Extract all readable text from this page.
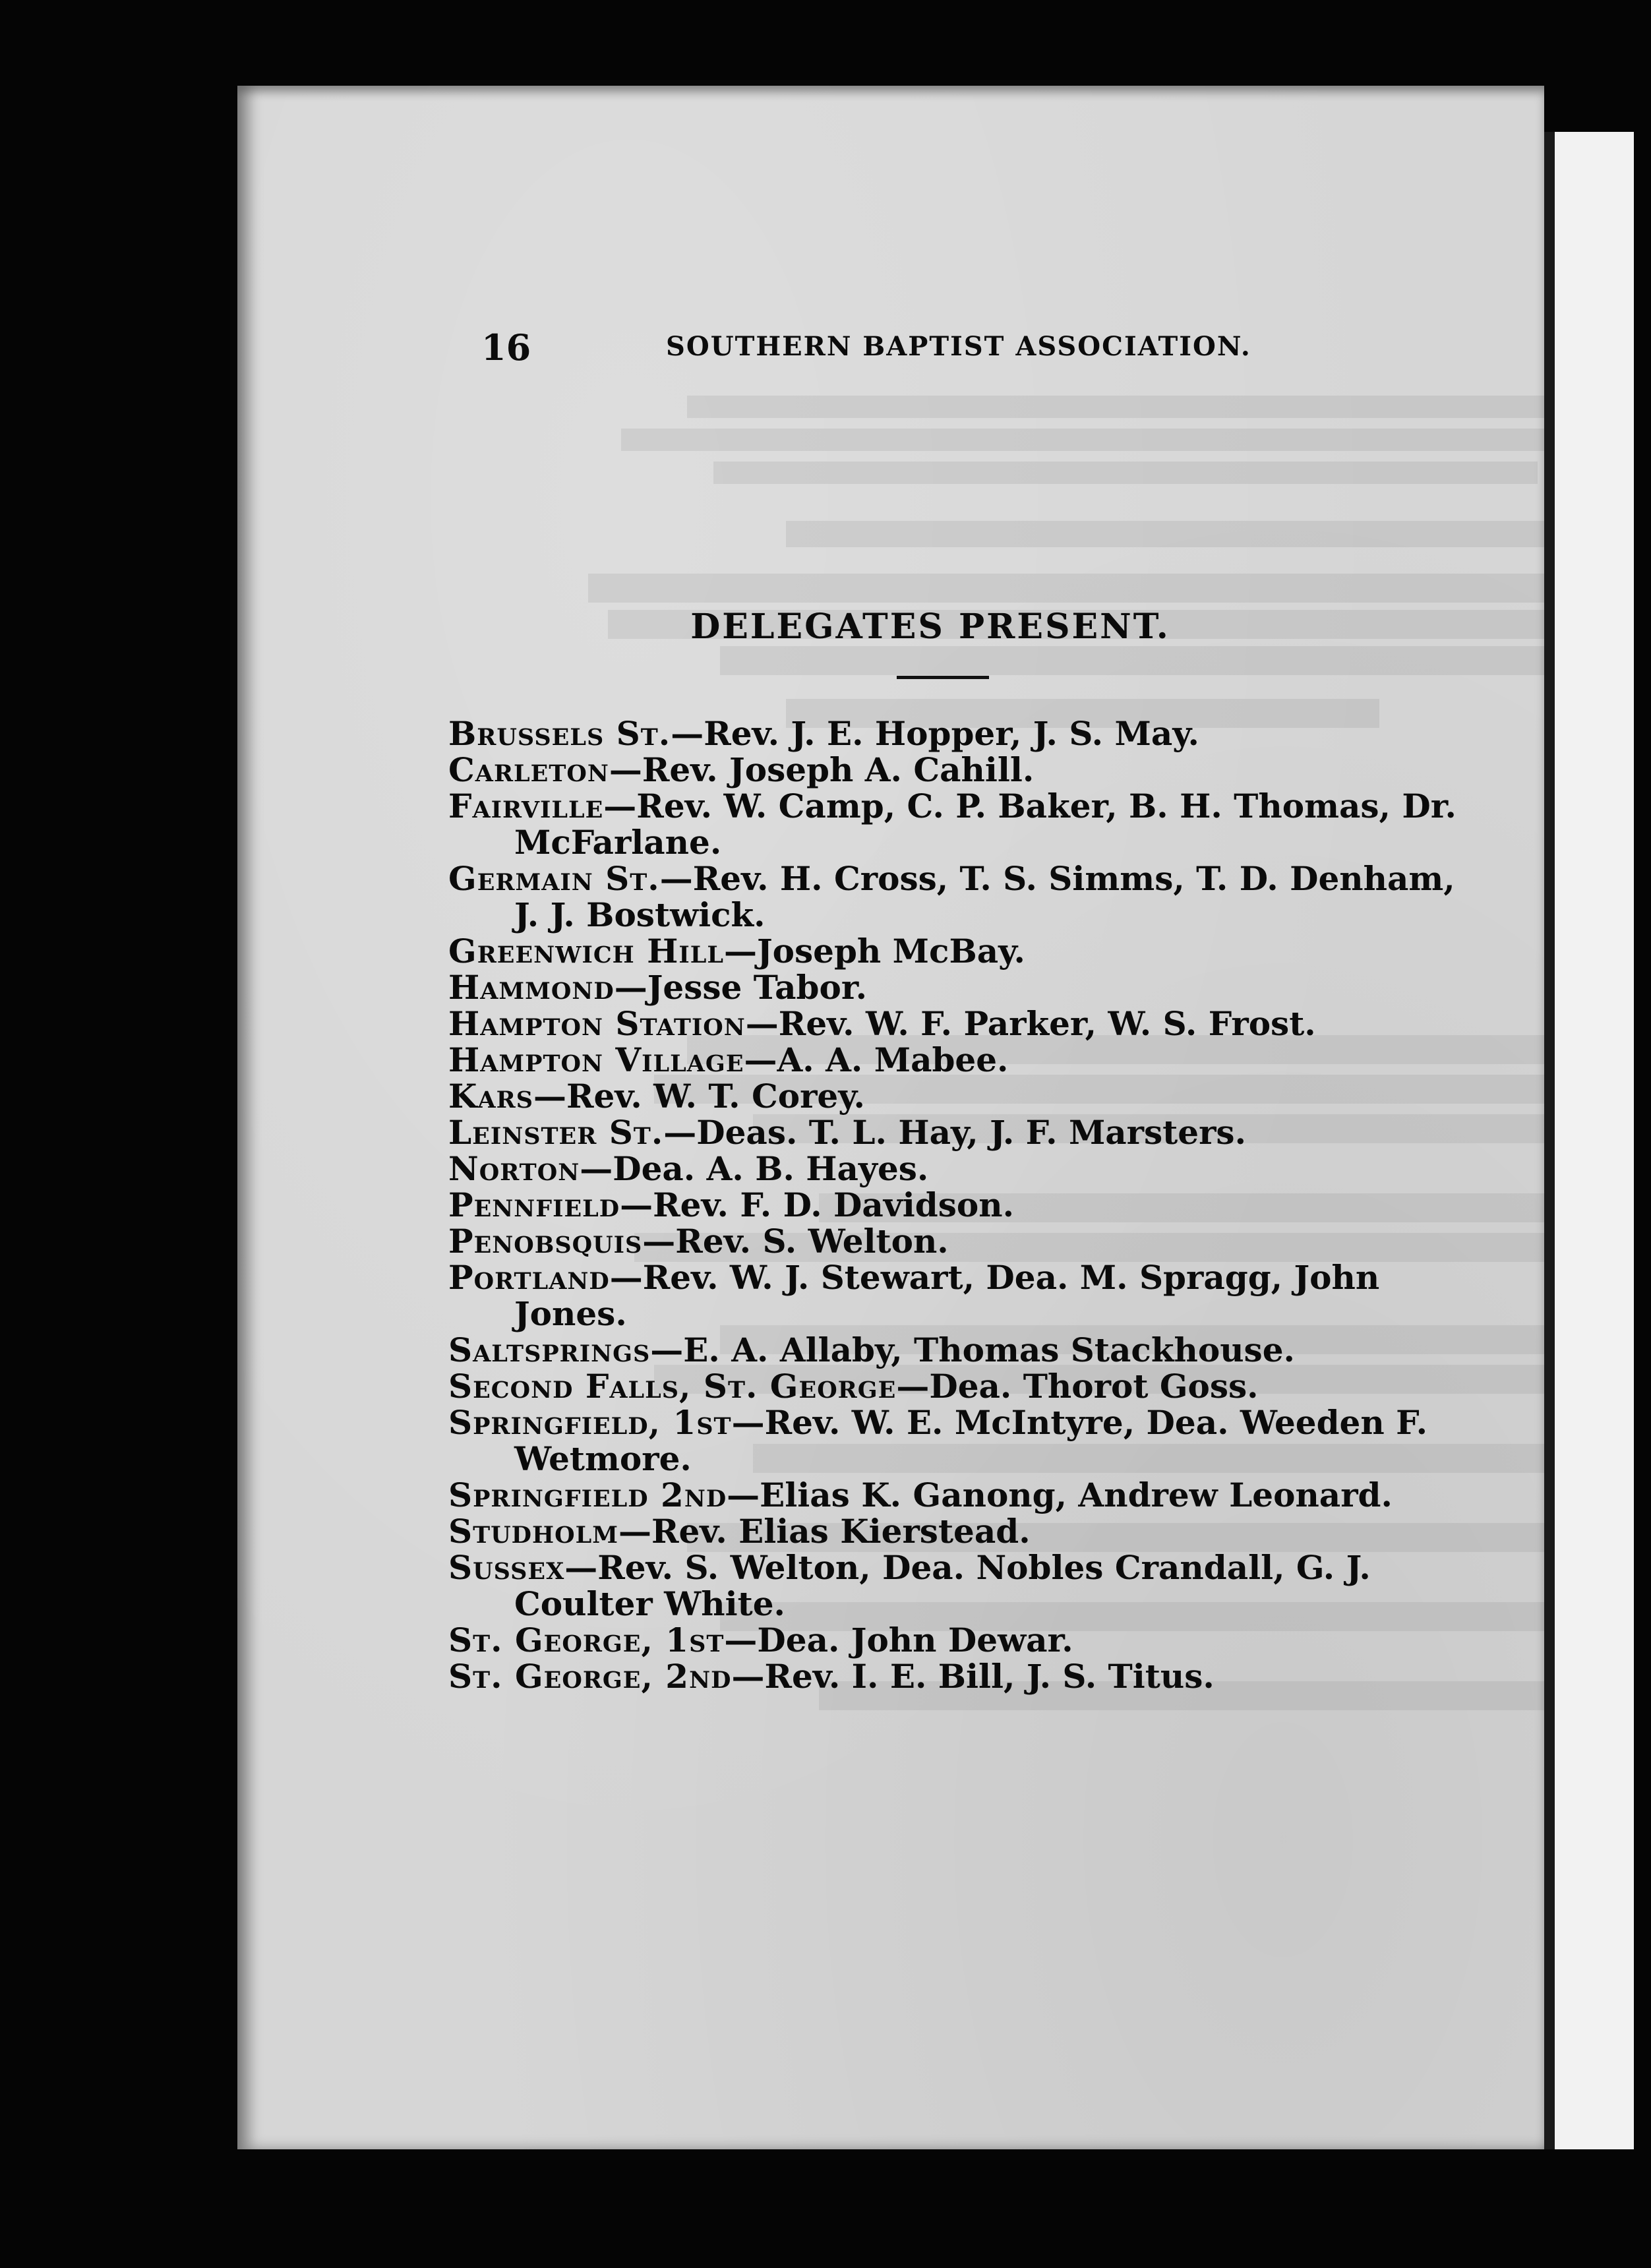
16	SOUTHERN BAPTIST ASSOCIATION.
DELEGATES PRESENT.
Brussels St.—Rev. J. E. Hopper, J. S. May.
Carleton—Rev. Joseph A. Cahill.
Fairville—Rev. W. Camp, C. P. Baker, B. H. Thomas, Dr. McFarlane.
Germain St.—Rev. H. Cross, T. S. Simms, T. D. Denham, J. J. Bostwick.
Greenwich Hill—Joseph McBay.
Hammond—Jesse Tabor.
Hampton Station—Rev. W. F. Parker, W. S. Frost.
Hampton Village—A. A. Mabee.
Kars—Rev. W. T. Corey.
Leinster St.—Deas. T. L. Hay, J. F. Marsters.
Norton—Dea. A. B. Hayes.
Pennfield—Rev. F. D. Davidson.
Penobsquis—Rev. S. Welton.
Portland—Rev. W. J. Stewart, Dea. M. Spragg, John Jones.
Saltsprings—E. A. Allaby, Thomas Stackhouse.
Second Falls, St. George—Dea. Thorot Goss.
Springfield, 1st—Rev. W. E. McIntyre, Dea. Weeden F. Wetmore.
Springfield 2nd—Elias K. Ganong, Andrew Leonard.
Studholm—Rev. Elias Kierstead.
Sussex—Rev. S. Welton, Dea. Nobles Crandall, G. J. Coulter White.
St. George, 1st—Dea. John Dewar.
St. George, 2nd—Rev. I. E. Bill, J. S. Titus.
